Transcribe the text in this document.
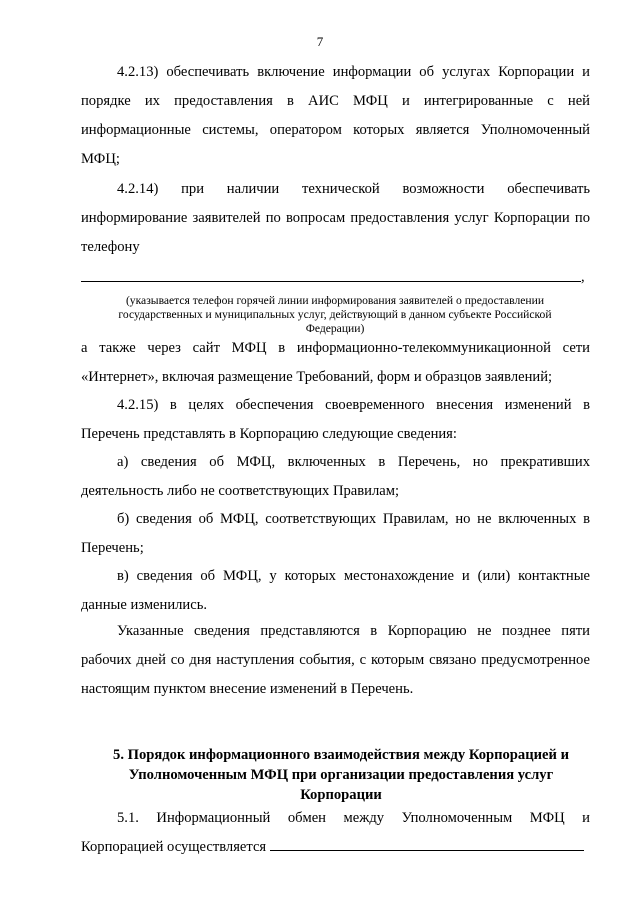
7

4.2.13) обеспечивать включение информации об услугах Корпорации и порядке их предоставления в АИС МФЦ и интегрированные с ней информационные системы, оператором которых является Уполномоченный МФЦ;

4.2.14) при наличии технической возможности обеспечивать информирование заявителей по вопросам предоставления услуг Корпорации по телефону

,
(указывается телефон горячей линии информирования заявителей о предоставлении государственных и муниципальных услуг, действующий в данном субъекте Российской Федерации)

а также через сайт МФЦ в информационно-телекоммуникационной сети «Интернет», включая размещение Требований, форм и образцов заявлений;

4.2.15) в целях обеспечения своевременного внесения изменений в Перечень представлять в Корпорацию следующие сведения:

а) сведения об МФЦ, включенных в Перечень, но прекративших деятельность либо не соответствующих Правилам;

б) сведения об МФЦ, соответствующих Правилам, но не включенных в Перечень;

в) сведения об МФЦ, у которых местонахождение и (или) контактные данные изменились.

Указанные сведения представляются в Корпорацию не позднее пяти рабочих дней со дня наступления события, с которым связано предусмотренное настоящим пунктом внесение изменений в Перечень.

5. Порядок информационного взаимодействия между Корпорацией и Уполномоченным МФЦ при организации предоставления услуг Корпорации

5.1. Информационный обмен между Уполномоченным МФЦ и Корпорацией осуществляется
